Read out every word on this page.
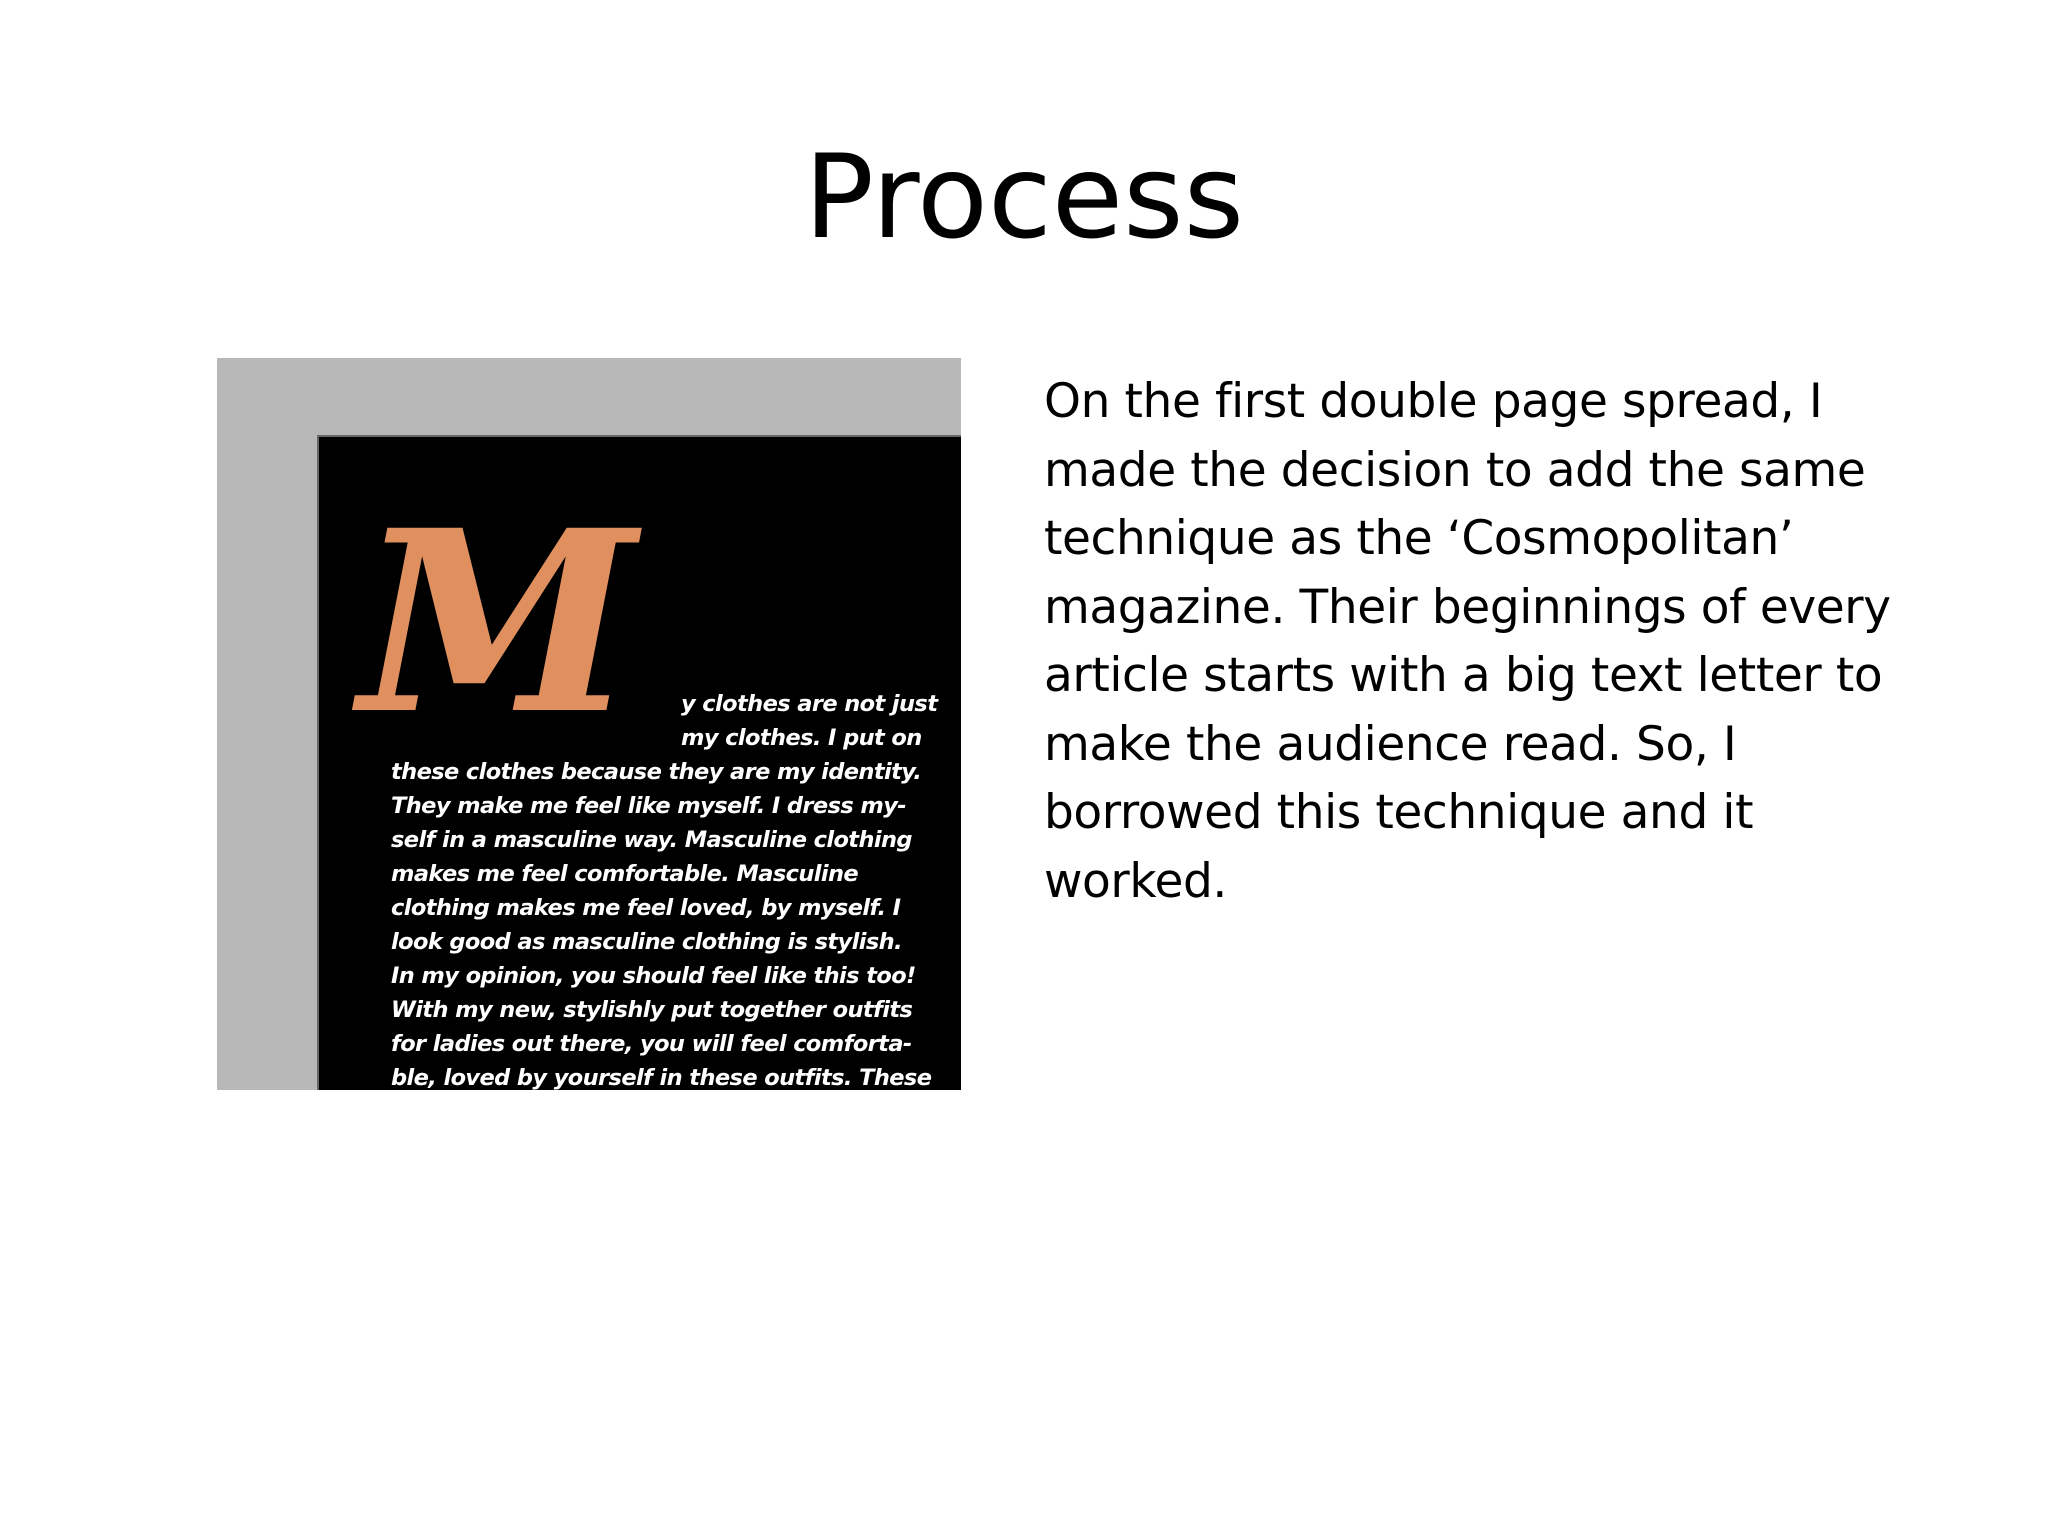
Process
M	y clothes are not just
my clothes. I put on
these clothes because they are my identity.
They make me feel like myself. I dress my-
self in a masculine way. Masculine clothing
makes me feel comfortable. Masculine
clothing makes me feel loved, by myself. I
look good as masculine clothing is stylish.
In my opinion, you should feel like this too!
With my new, stylishly put together outfits
for ladies out there, you will feel comforta-
ble, loved by yourself in these outfits. These
On the first double page spread, I
made the decision to add the same
technique as the ‘Cosmopolitan’
magazine. Their beginnings of every
article starts with a big text letter to
make the audience read. So, I
borrowed this technique and it
worked.
